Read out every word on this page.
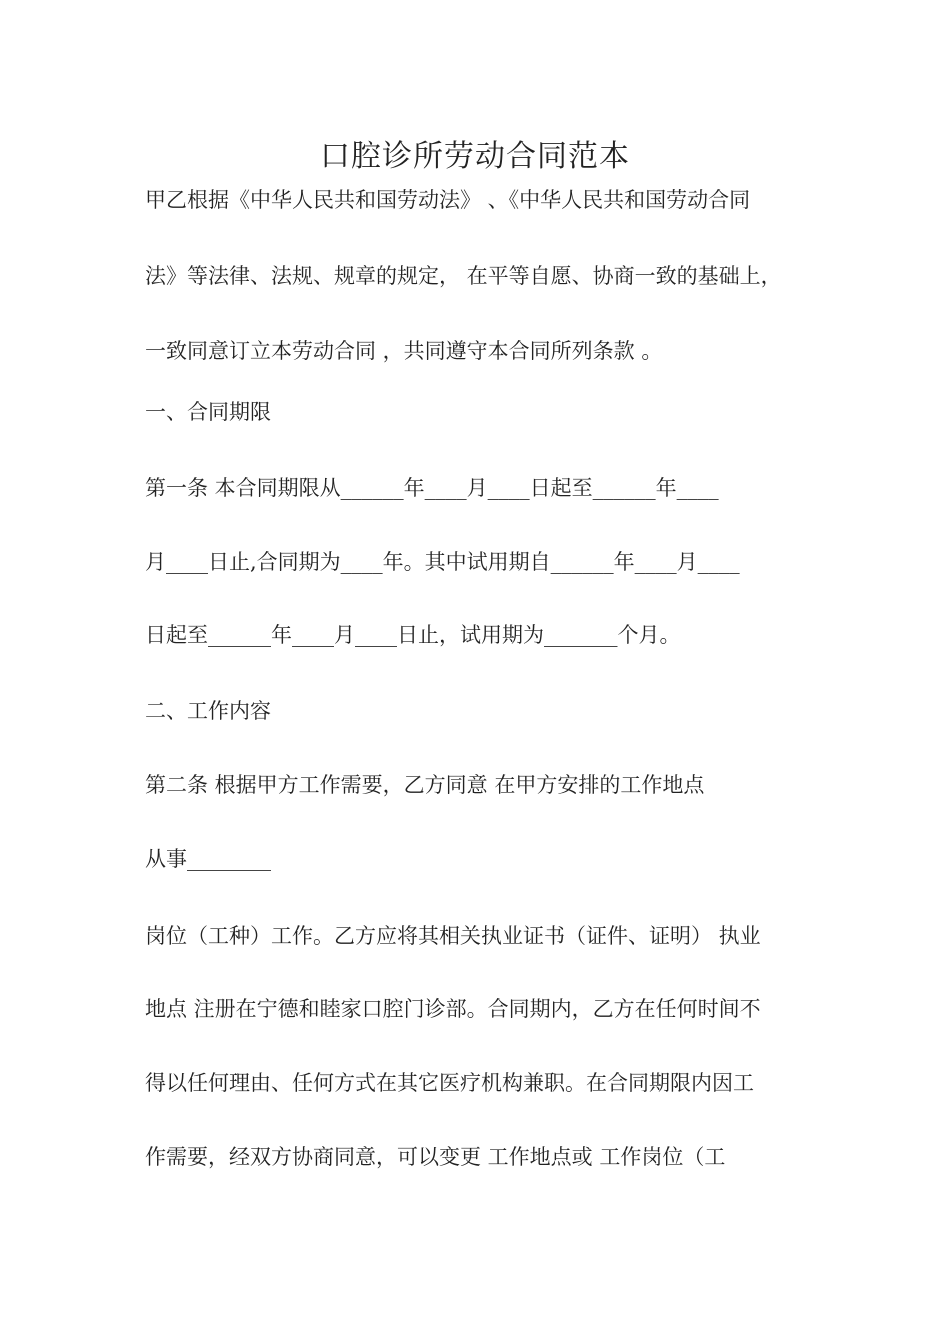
口腔诊所劳动合同范本
甲乙根据《中华人民共和国劳动法》 、《中华人民共和国劳动合同
法》等法律、法规、规章的规定， 在平等自愿、协商一致的基础上，
一致同意订立本劳动合同 ，共同遵守本合同所列条款 。
一、合同期限
第一条 本合同期限从______年____月____日起至______年____
月____日止,合同期为____年。其中试用期自______年____月____
日起至______年____月____日止，试用期为_______个月。
二、工作内容
第二条 根据甲方工作需要，乙方同意 在甲方安排的工作地点
从事________
岗位（工种）工作。乙方应将其相关执业证书（证件、证明） 执业
地点 注册在宁德和睦家口腔门诊部。合同期内，乙方在任何时间不
得以任何理由、任何方式在其它医疗机构兼职。在合同期限内因工
作需要，经双方协商同意，可以变更 工作地点或 工作岗位（工
